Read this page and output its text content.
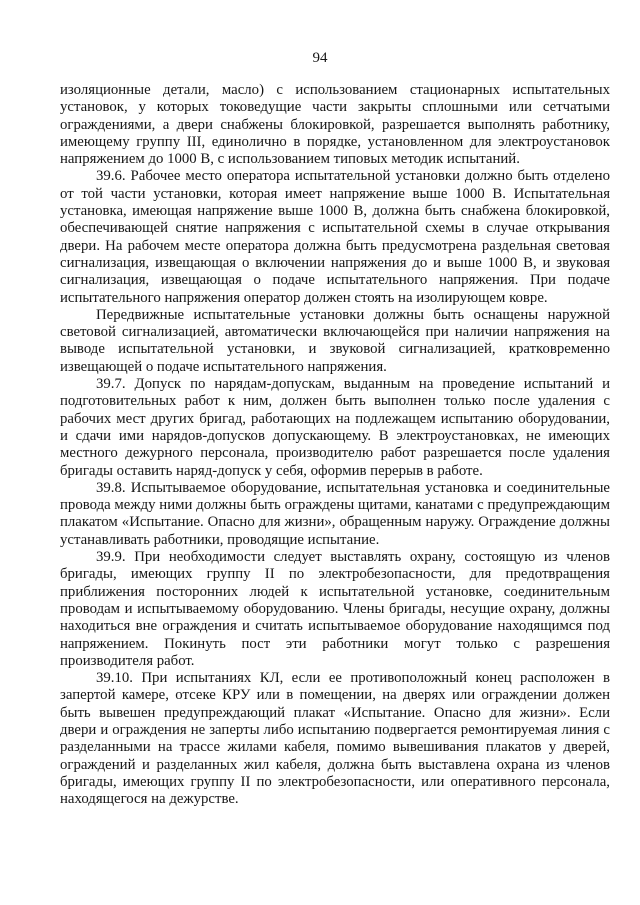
94

изоляционные детали, масло) с использованием стационарных испытательных установок, у которых токоведущие части закрыты сплошными или сетчатыми ограждениями, а двери снабжены блокировкой, разрешается выполнять работнику, имеющему группу III, единолично в порядке, установленном для электроустановок напряжением до 1000 В, с использованием типовых методик испытаний.

39.6. Рабочее место оператора испытательной установки должно быть отделено от той части установки, которая имеет напряжение выше 1000 В. Испытательная установка, имеющая напряжение выше 1000 В, должна быть снабжена блокировкой, обеспечивающей снятие напряжения с испытательной схемы в случае открывания двери. На рабочем месте оператора должна быть предусмотрена раздельная световая сигнализация, извещающая о включении напряжения до и выше 1000 В, и звуковая сигнализация, извещающая о подаче испытательного напряжения. При подаче испытательного напряжения оператор должен стоять на изолирующем ковре.

Передвижные испытательные установки должны быть оснащены наружной световой сигнализацией, автоматически включающейся при наличии напряжения на выводе испытательной установки, и звуковой сигнализацией, кратковременно извещающей о подаче испытательного напряжения.

39.7. Допуск по нарядам-допускам, выданным на проведение испытаний и подготовительных работ к ним, должен быть выполнен только после удаления с рабочих мест других бригад, работающих на подлежащем испытанию оборудовании, и сдачи ими нарядов-допусков допускающему. В электроустановках, не имеющих местного дежурного персонала, производителю работ разрешается после удаления бригады оставить наряд-допуск у себя, оформив перерыв в работе.

39.8. Испытываемое оборудование, испытательная установка и соединительные провода между ними должны быть ограждены щитами, канатами с предупреждающим плакатом «Испытание. Опасно для жизни», обращенным наружу. Ограждение должны устанавливать работники, проводящие испытание.

39.9. При необходимости следует выставлять охрану, состоящую из членов бригады, имеющих группу II по электробезопасности, для предотвращения приближения посторонних людей к испытательной установке, соединительным проводам и испытываемому оборудованию. Члены бригады, несущие охрану, должны находиться вне ограждения и считать испытываемое оборудование находящимся под напряжением. Покинуть пост эти работники могут только с разрешения производителя работ.

39.10. При испытаниях КЛ, если ее противоположный конец расположен в запертой камере, отсеке КРУ или в помещении, на дверях или ограждении должен быть вывешен предупреждающий плакат «Испытание. Опасно для жизни». Если двери и ограждения не заперты либо испытанию подвергается ремонтируемая линия с разделанными на трассе жилами кабеля, помимо вывешивания плакатов у дверей, ограждений и разделанных жил кабеля, должна быть выставлена охрана из членов бригады, имеющих группу II по электробезопасности, или оперативного персонала, находящегося на дежурстве.
